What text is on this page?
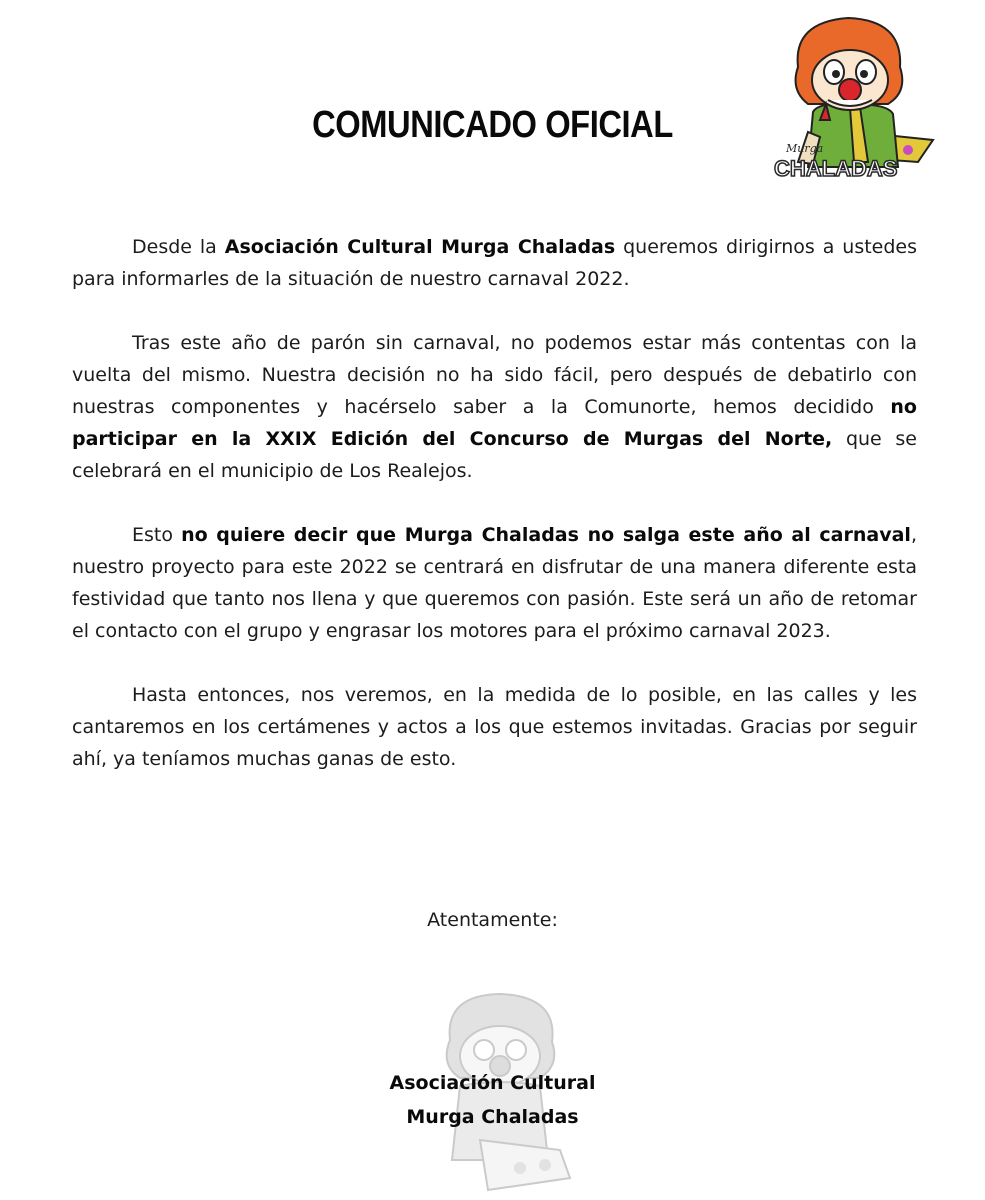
COMUNICADO OFICIAL
Murga
CHALADAS

Desde la Asociación Cultural Murga Chaladas queremos dirigirnos a ustedes para informarles de la situación de nuestro carnaval 2022.

Tras este año de parón sin carnaval, no podemos estar más contentas con la vuelta del mismo. Nuestra decisión no ha sido fácil, pero después de debatirlo con nuestras componentes y hacérselo saber a la Comunorte, hemos decidido no participar en la XXIX Edición del Concurso de Murgas del Norte, que se celebrará en el municipio de Los Realejos.

Esto no quiere decir que Murga Chaladas no salga este año al carnaval, nuestro proyecto para este 2022 se centrará en disfrutar de una manera diferente esta festividad que tanto nos llena y que queremos con pasión. Este será un año de retomar el contacto con el grupo y engrasar los motores para el próximo carnaval 2023.

Hasta entonces, nos veremos, en la medida de lo posible, en las calles y les cantaremos en los certámenes y actos a los que estemos invitadas. Gracias por seguir ahí, ya teníamos muchas ganas de esto.

Atentamente:
Asociación Cultural
Murga Chaladas
